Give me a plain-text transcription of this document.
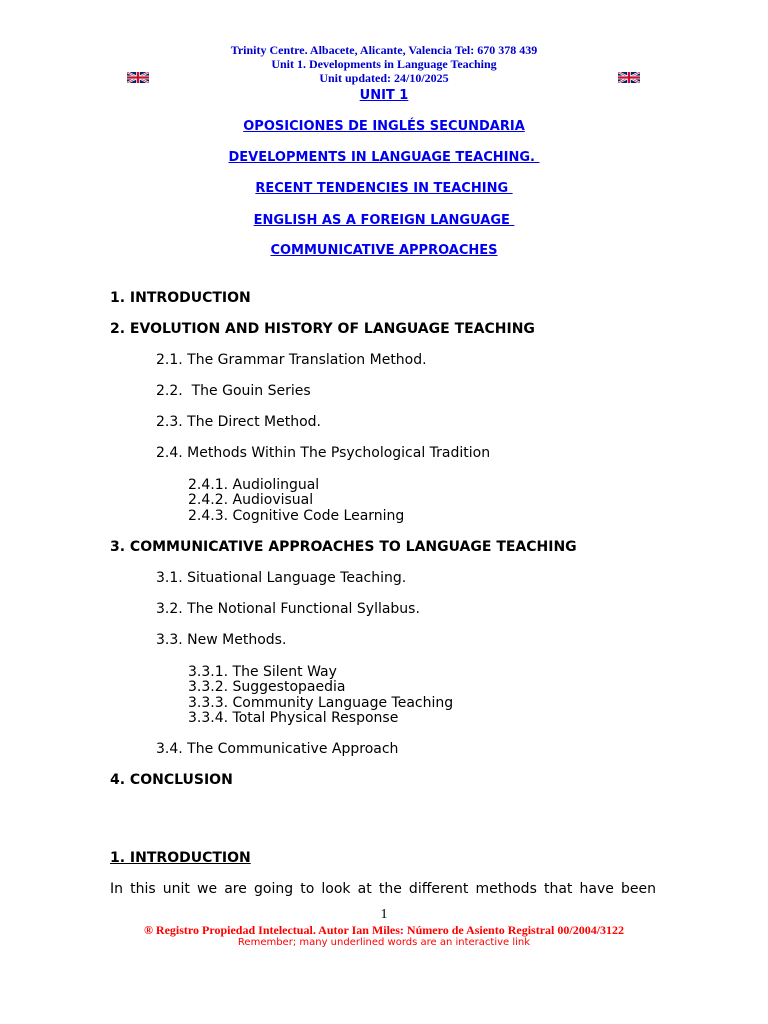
Trinity Centre. Albacete, Alicante, Valencia Tel: 670 378 439
Unit 1. Developments in Language Teaching
Unit updated: 24/10/2025
UNIT 1
OPOSICIONES DE INGLÉS SECUNDARIA
DEVELOPMENTS IN LANGUAGE TEACHING.
RECENT TENDENCIES IN TEACHING
ENGLISH AS A FOREIGN LANGUAGE
COMMUNICATIVE APPROACHES
1. INTRODUCTION
2. EVOLUTION AND HISTORY OF LANGUAGE TEACHING
2.1. The Grammar Translation Method.
2.2.  The Gouin Series
2.3. The Direct Method.
2.4. Methods Within The Psychological Tradition
2.4.1. Audiolingual
2.4.2. Audiovisual
2.4.3. Cognitive Code Learning
3. COMMUNICATIVE APPROACHES TO LANGUAGE TEACHING
3.1. Situational Language Teaching.
3.2. The Notional Functional Syllabus.
3.3. New Methods.
3.3.1. The Silent Way
3.3.2. Suggestopaedia
3.3.3. Community Language Teaching
3.3.4. Total Physical Response
3.4. The Communicative Approach
4. CONCLUSION
1. INTRODUCTION
In this unit we are going to look at the different methods that have been
1
® Registro Propiedad Intelectual. Autor Ian Miles: Número de Asiento Registral 00/2004/3122
Remember; many underlined words are an interactive link
